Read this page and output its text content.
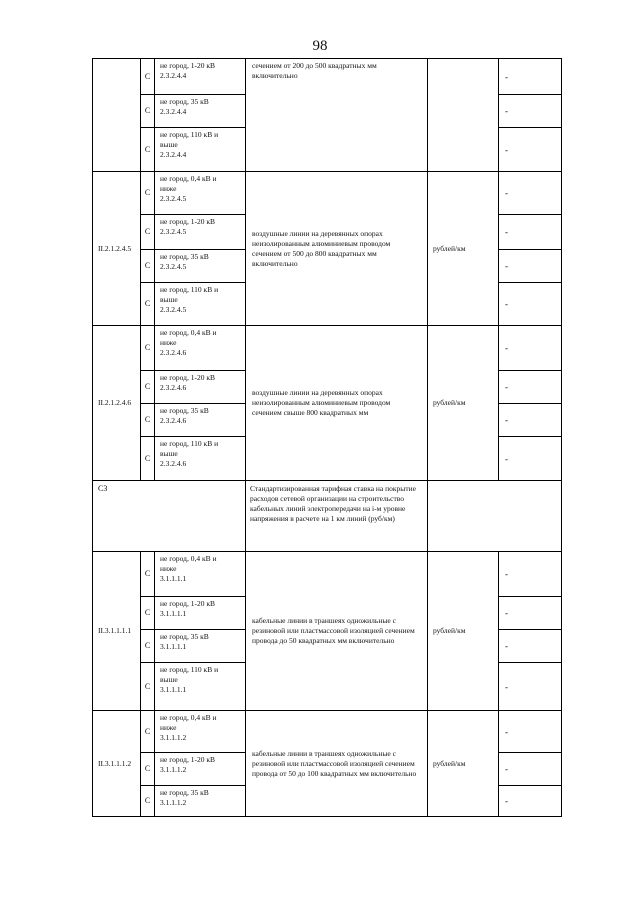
98
	С	не город, 1-20 кВ
2.3.2.4.4	сечением от 200 до 500 квадратных мм включительно		-
	С	не город, 35 кВ
2.3.2.4.4			-
	С	не город, 110 кВ и
выше
2.3.2.4.4			-
II.2.1.2.4.5	С	не город, 0,4 кВ и
ниже
2.3.2.4.5	воздушные линии на деревянных опорах неизолированным алюминиевым проводом сечением от 500 до 800 квадратных мм включительно	рублей/км	-
	С	не город, 1-20 кВ
2.3.2.4.5			-
	С	не город, 35 кВ
2.3.2.4.5			-
	С	не город, 110 кВ и
выше
2.3.2.4.5			-
II.2.1.2.4.6	С	не город, 0,4 кВ и
ниже
2.3.2.4.6	воздушные линии на деревянных опорах неизолированным алюминиевым проводом сечением свыше 800 квадратных мм	рублей/км	-
	С	не город, 1-20 кВ
2.3.2.4.6			-
	С	не город, 35 кВ
2.3.2.4.6			-
	С	не город, 110 кВ и
выше
2.3.2.4.6			-
С3			Стандартизированная тарифная ставка на покрытие расходов сетевой организации на строительство кабельных линий электропередачи на i-м уровне напряжения в расчете на 1 км линий (руб/км)		
II.3.1.1.1.1	С	не город, 0,4 кВ и
ниже
3.1.1.1.1	кабельные линии в траншеях одножильные с резиновой или пластмассовой изоляцией сечением провода до 50 квадратных мм включительно	рублей/км	-
	С	не город, 1-20 кВ
3.1.1.1.1			-
	С	не город, 35 кВ
3.1.1.1.1			-
	С	не город, 110 кВ и
выше
3.1.1.1.1			-
II.3.1.1.1.2	С	не город, 0,4 кВ и
ниже
3.1.1.1.2	кабельные линии в траншеях одножильные с резиновой или пластмассовой изоляцией сечением провода от 50 до 100 квадратных мм включительно	рублей/км	-
	С	не город, 1-20 кВ
3.1.1.1.2			-
	С	не город, 35 кВ
3.1.1.1.2			-
